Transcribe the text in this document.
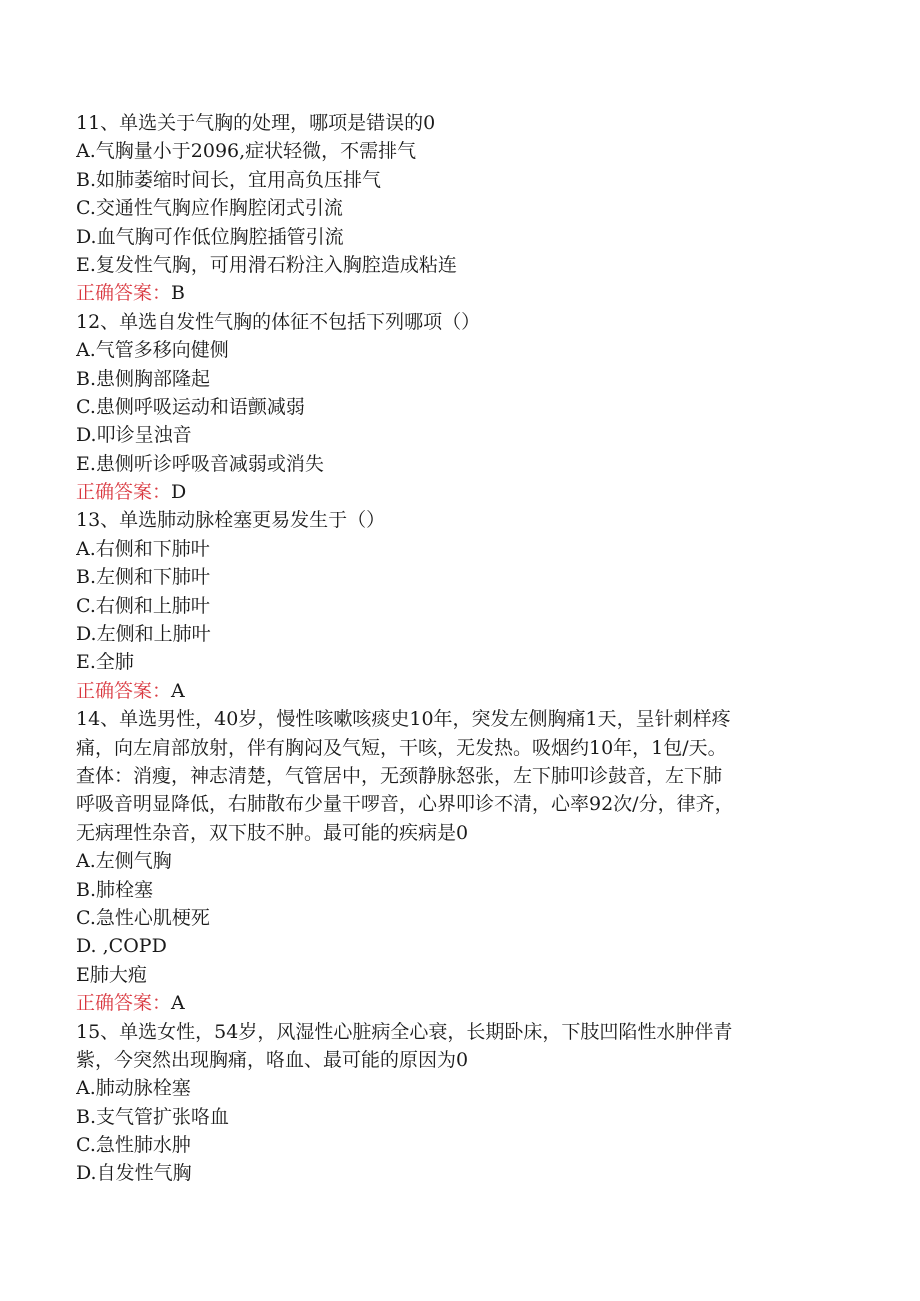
11、单选关于气胸的处理，哪项是错误的0
A.气胸量小于2096,症状轻微，不需排气
B.如肺萎缩时间长，宜用高负压排气
C.交通性气胸应作胸腔闭式引流
D.血气胸可作低位胸腔插管引流
E.复发性气胸，可用滑石粉注入胸腔造成粘连
正确答案：B
12、单选自发性气胸的体征不包括下列哪项（）
A.气管多移向健侧
B.患侧胸部隆起
C.患侧呼吸运动和语颤减弱
D.叩诊呈浊音
E.患侧听诊呼吸音减弱或消失
正确答案：D
13、单选肺动脉栓塞更易发生于（）
A.右侧和下肺叶
B.左侧和下肺叶
C.右侧和上肺叶
D.左侧和上肺叶
E.全肺
正确答案：A
14、单选男性，40岁，慢性咳嗽咳痰史10年，突发左侧胸痛1天，呈针刺样疼
痛，向左肩部放射，伴有胸闷及气短，干咳，无发热。吸烟约10年，1包/天。
查体：消瘦，神志清楚，气管居中，无颈静脉怒张，左下肺叩诊鼓音，左下肺
呼吸音明显降低，右肺散布少量干啰音，心界叩诊不清，心率92次/分，律齐，
无病理性杂音，双下肢不肿。最可能的疾病是0
A.左侧气胸
B.肺栓塞
C.急性心肌梗死
D. ,COPD
E肺大疱
正确答案：A
15、单选女性，54岁，风湿性心脏病全心衰，长期卧床，下肢凹陷性水肿伴青
紫，今突然出现胸痛，咯血、最可能的原因为0
A.肺动脉栓塞
B.支气管扩张咯血
C.急性肺水肿
D.自发性气胸
